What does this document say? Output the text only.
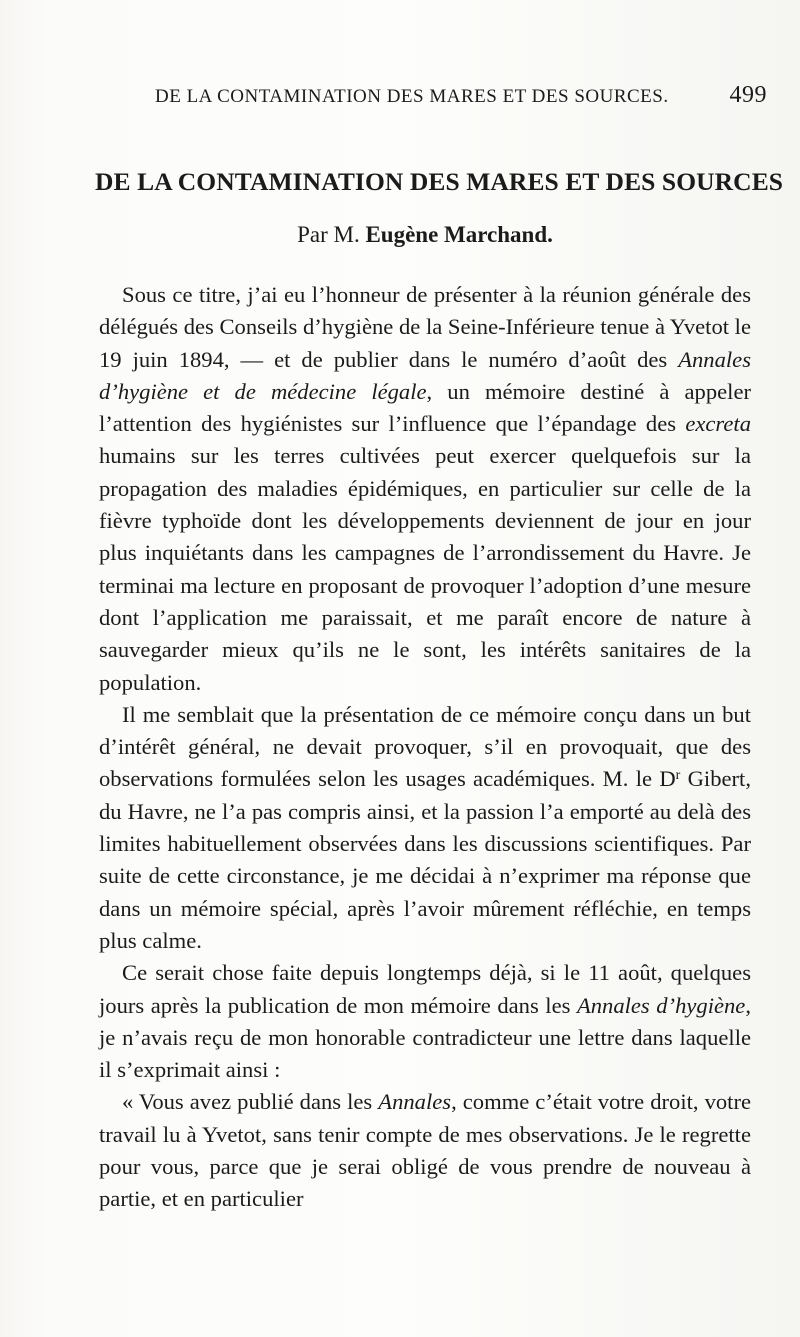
DE LA CONTAMINATION DES MARES ET DES SOURCES.	499
DE LA CONTAMINATION DES MARES ET DES SOURCES
Par M. Eugène Marchand.

Sous ce titre, j’ai eu l’honneur de présenter à la réunion générale des délégués des Conseils d’hygiène de la Seine-Inférieure tenue à Yvetot le 19 juin 1894, — et de publier dans le numéro d’août des Annales d’hygiène et de médecine légale, un mémoire destiné à appeler l’attention des hygiénistes sur l’influence que l’épandage des excreta humains sur les terres cultivées peut exercer quelquefois sur la propagation des maladies épidémiques, en particulier sur celle de la fièvre typhoïde dont les développements deviennent de jour en jour plus inquiétants dans les campagnes de l’arrondissement du Havre. Je terminai ma lecture en proposant de provoquer l’adoption d’une mesure dont l’application me paraissait, et me paraît encore de nature à sauvegarder mieux qu’ils ne le sont, les intérêts sanitaires de la population.

Il me semblait que la présentation de ce mémoire conçu dans un but d’intérêt général, ne devait provoquer, s’il en provoquait, que des observations formulées selon les usages académiques. M. le $D^r$ Gibert, du Havre, ne l’a pas compris ainsi, et la passion l’a emporté au delà des limites habituellement observées dans les discussions scientifiques. Par suite de cette circonstance, je me décidai à n’exprimer ma réponse que dans un mémoire spécial, après l’avoir mûrement réfléchie, en temps plus calme.

Ce serait chose faite depuis longtemps déjà, si le 11 août, quelques jours après la publication de mon mémoire dans les Annales d’hygiène, je n’avais reçu de mon honorable contradicteur une lettre dans laquelle il s’exprimait ainsi :

« Vous avez publié dans les Annales, comme c’était votre droit, votre travail lu à Yvetot, sans tenir compte de mes observations. Je le regrette pour vous, parce que je serai obligé de vous prendre de nouveau à partie, et en particulier
